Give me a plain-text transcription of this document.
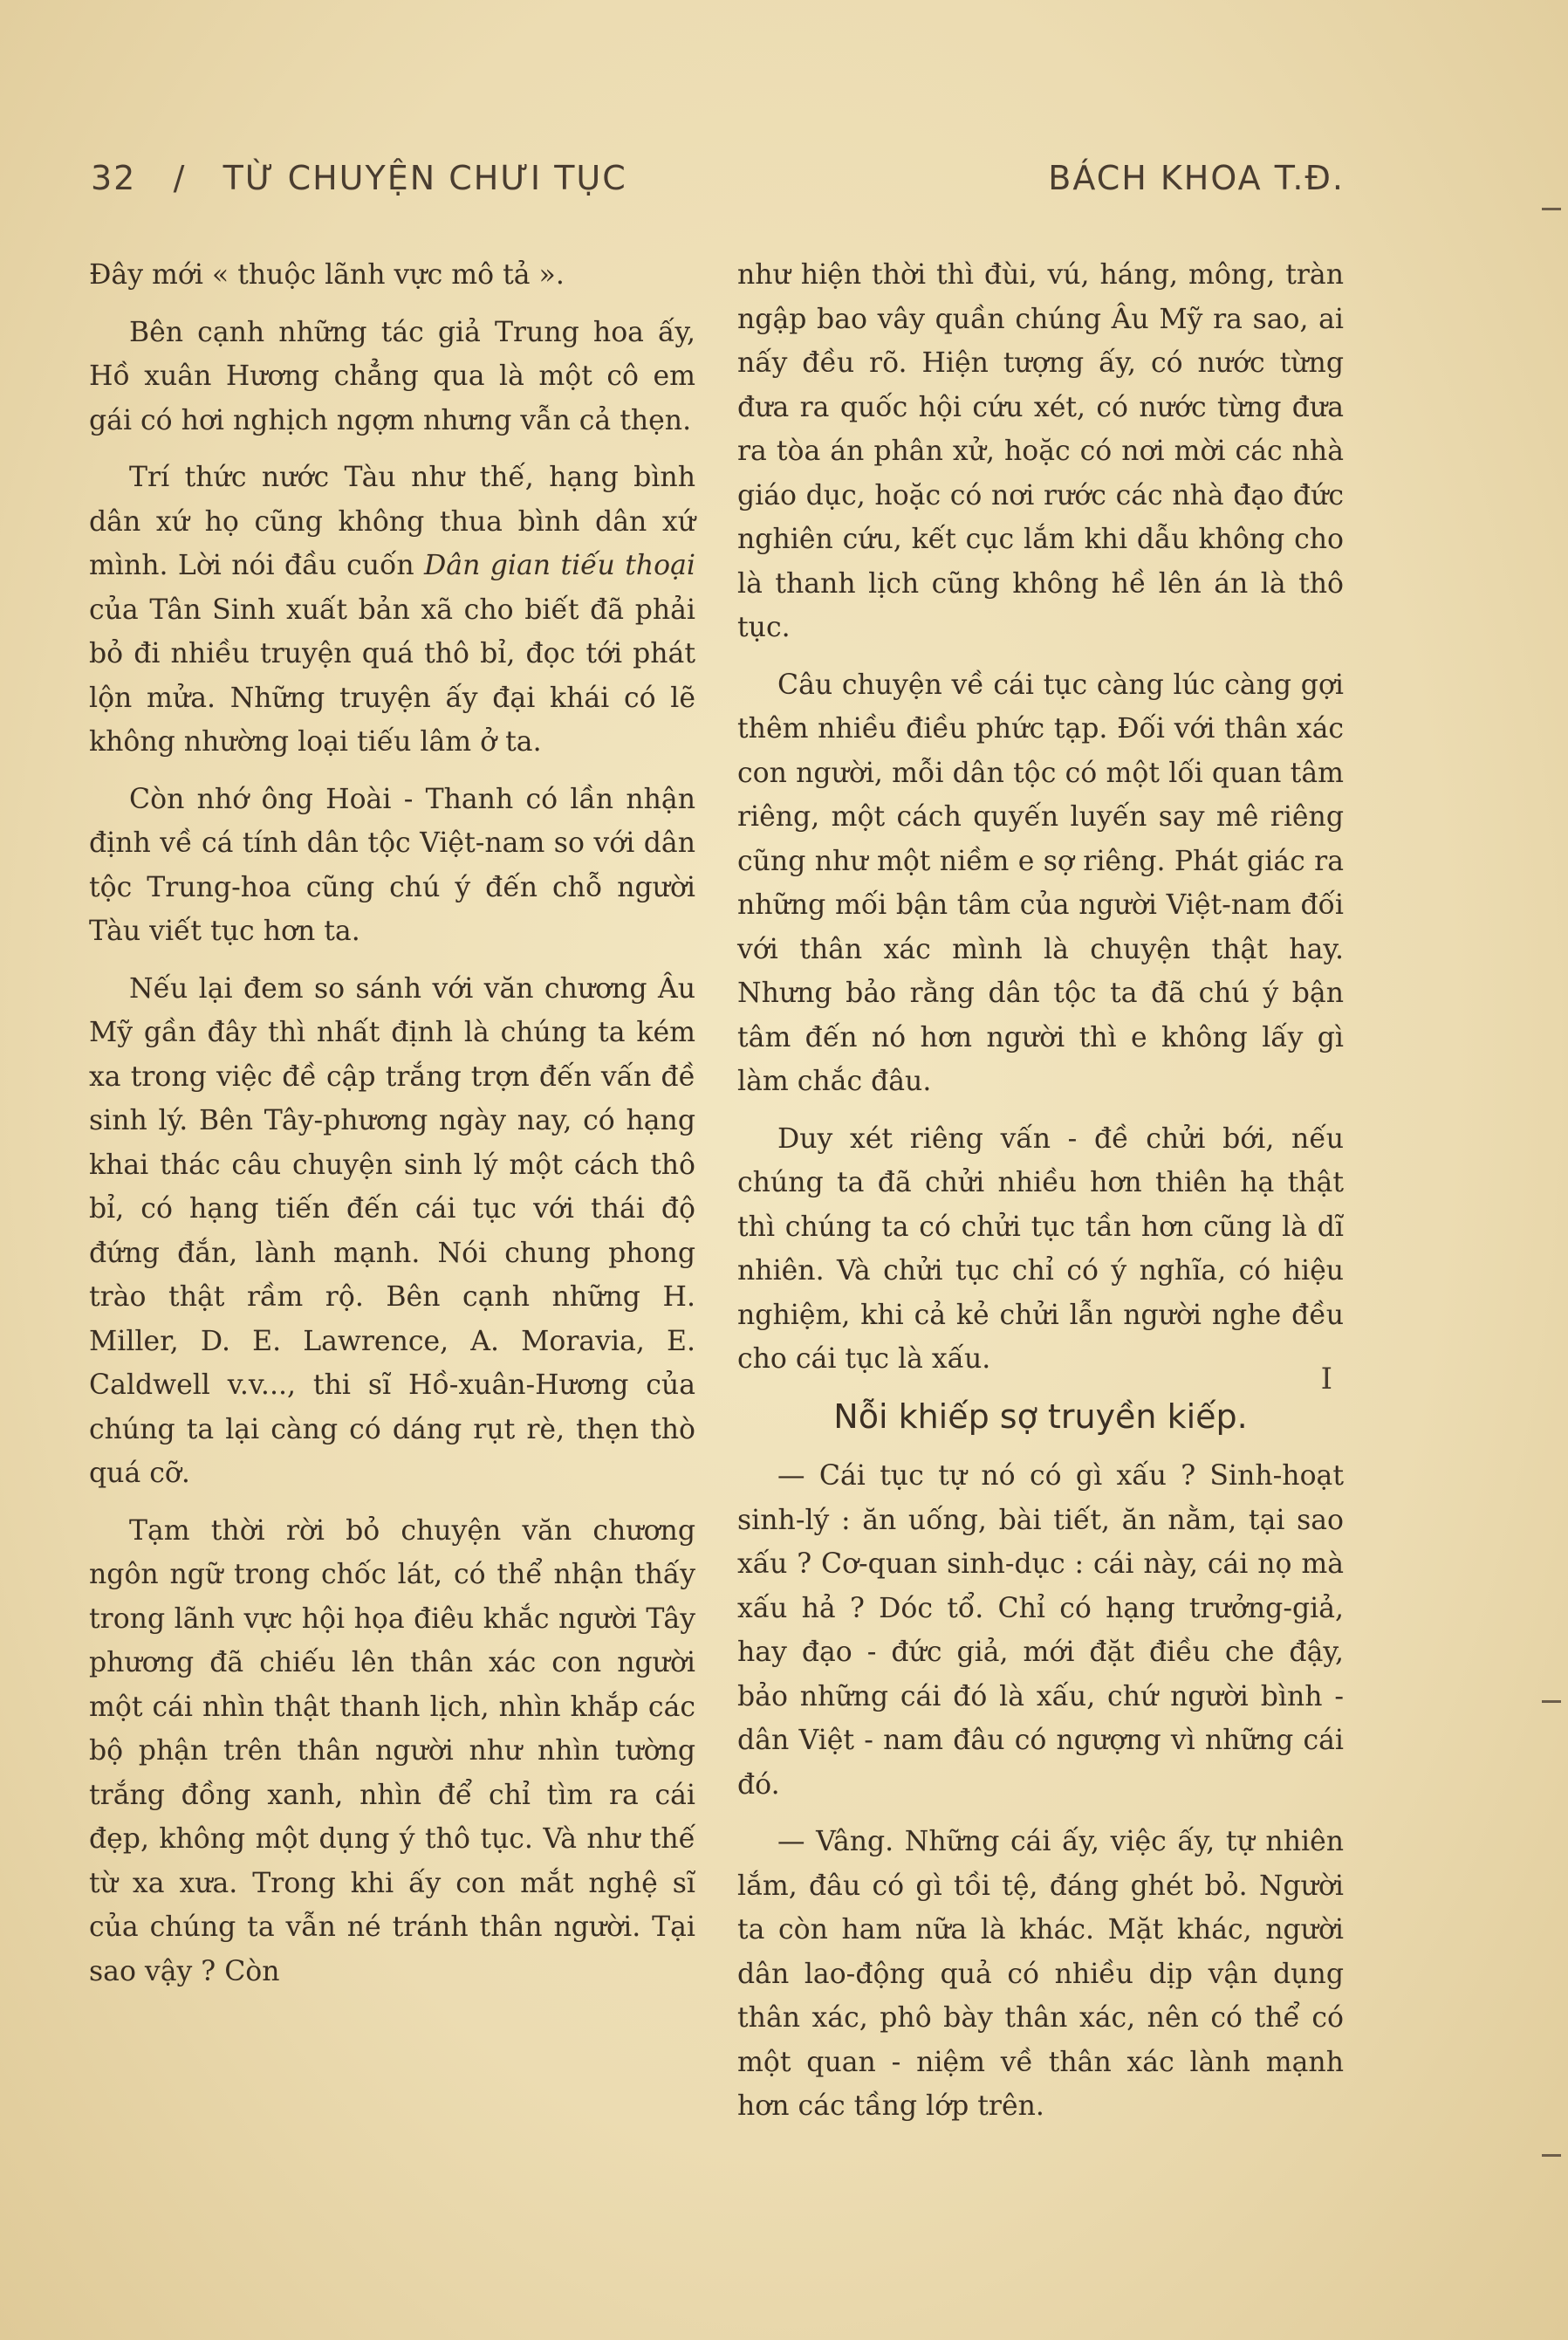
32 / TỪ CHUYỆN CHƯI TỤC	BÁCH KHOA T.Đ.

Đây mới « thuộc lãnh vực mô tả ».

Bên cạnh những tác giả Trung hoa ấy, Hồ xuân Hương chẳng qua là một cô em gái có hơi nghịch ngợm nhưng vẫn cả thẹn.

Trí thức nước Tàu như thế, hạng bình dân xứ họ cũng không thua bình dân xứ mình. Lời nói đầu cuốn Dân gian tiếu thoại của Tân Sinh xuất bản xã cho biết đã phải bỏ đi nhiều truyện quá thô bỉ, đọc tới phát lộn mửa. Những truyện ấy đại khái có lẽ không nhường loại tiếu lâm ở ta.

Còn nhớ ông Hoài - Thanh có lần nhận định về cá tính dân tộc Việt-nam so với dân tộc Trung-hoa cũng chú ý đến chỗ người Tàu viết tục hơn ta.

Nếu lại đem so sánh với văn chương Âu Mỹ gần đây thì nhất định là chúng ta kém xa trong việc đề cập trắng trợn đến vấn đề sinh lý. Bên Tây-phương ngày nay, có hạng khai thác câu chuyện sinh lý một cách thô bỉ, có hạng tiến đến cái tục với thái độ đứng đắn, lành mạnh. Nói chung phong trào thật rầm rộ. Bên cạnh những H. Miller, D. E. Lawrence, A. Moravia, E. Caldwell v.v..., thi sĩ Hồ-xuân-Hương của chúng ta lại càng có dáng rụt rè, thẹn thò quá cỡ.

Tạm thời rời bỏ chuyện văn chương ngôn ngữ trong chốc lát, có thể nhận thấy trong lãnh vực hội họa điêu khắc người Tây phương đã chiếu lên thân xác con người một cái nhìn thật thanh lịch, nhìn khắp các bộ phận trên thân người như nhìn tường trắng đồng xanh, nhìn để chỉ tìm ra cái đẹp, không một dụng ý thô tục. Và như thế từ xa xưa. Trong khi ấy con mắt nghệ sĩ của chúng ta vẫn né tránh thân người. Tại sao vậy ? Còn

như hiện thời thì đùi, vú, háng, mông, tràn ngập bao vây quần chúng Âu Mỹ ra sao, ai nấy đều rõ. Hiện tượng ấy, có nước từng đưa ra quốc hội cứu xét, có nước từng đưa ra tòa án phân xử, hoặc có nơi mời các nhà giáo dục, hoặc có nơi rước các nhà đạo đức nghiên cứu, kết cục lắm khi dẫu không cho là thanh lịch cũng không hề lên án là thô tục.

Câu chuyện về cái tục càng lúc càng gợi thêm nhiều điều phức tạp. Đối với thân xác con người, mỗi dân tộc có một lối quan tâm riêng, một cách quyến luyến say mê riêng cũng như một niềm e sợ riêng. Phát giác ra những mối bận tâm của người Việt-nam đối với thân xác mình là chuyện thật hay. Nhưng bảo rằng dân tộc ta đã chú ý bận tâm đến nó hơn người thì e không lấy gì làm chắc đâu.

Duy xét riêng vấn - đề chửi bới, nếu chúng ta đã chửi nhiều hơn thiên hạ thật thì chúng ta có chửi tục tần hơn cũng là dĩ nhiên. Và chửi tục chỉ có ý nghĩa, có hiệu nghiệm, khi cả kẻ chửi lẫn người nghe đều cho cái tục là xấu.

Nỗi khiếp sợ truyền kiếp.

— Cái tục tự nó có gì xấu ? Sinh-hoạt sinh-lý : ăn uống, bài tiết, ăn nằm, tại sao xấu ? Cơ-quan sinh-dục : cái này, cái nọ mà xấu hả ? Dóc tổ. Chỉ có hạng trưởng-giả, hay đạo - đức giả, mới đặt điều che đậy, bảo những cái đó là xấu, chứ người bình - dân Việt - nam đâu có ngượng vì những cái đó.

— Vâng. Những cái ấy, việc ấy, tự nhiên lắm, đâu có gì tồi tệ, đáng ghét bỏ. Người ta còn ham nữa là khác. Mặt khác, người dân lao-động quả có nhiều dịp vận dụng thân xác, phô bày thân xác, nên có thể có một quan - niệm về thân xác lành mạnh hơn các tầng lớp trên.

I
